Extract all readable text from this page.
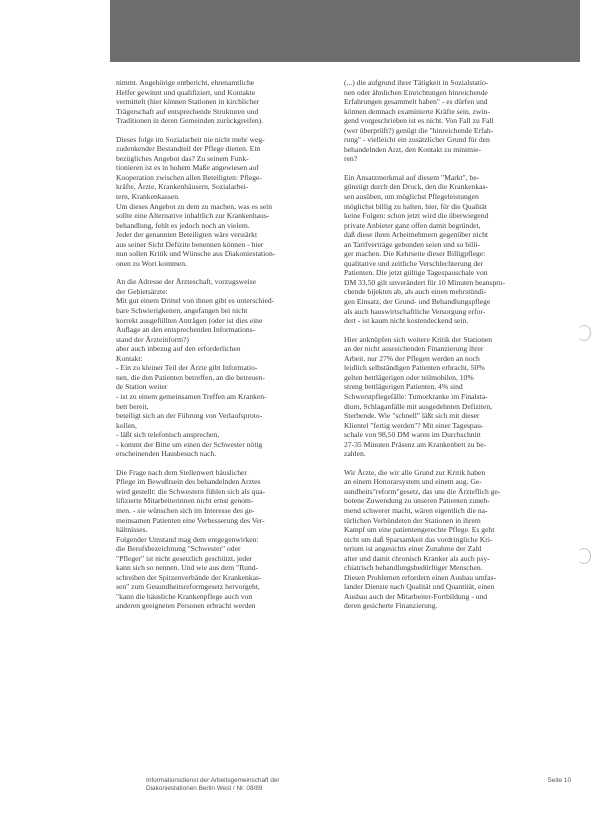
nimmt. Angehörige entbericht, ehrenamtliche
Helfer gewinnt und qualifiziert, und Kontakte
vermittelt (hier können Stationen in kirchlicher
Trägerschaft auf entsprechende Strukturen und
Traditionen in deren Gemeinden zurückgreifen).
Dieses folge im Sozialarbeit nie nicht mehr weg-
zudenkender Bestandteil der Pflege dienen. Ein
bezügliches Angebot das? Zu seinem Funk-
tionieren ist es in hohem Maße angewiesen auf
Kooperation zwischen allen Beteiligten: Pflege-
kräfte, Ärzte, Krankenhäusern, Sozialarbei-
tern, Krankenkassen.
Um dieses Angebot zu dem zu machen, was es sein
sollte eine Alternative inhaltlich zur Krankenhaus-
behandlung, fehlt es jedoch noch an vielem.
Jeder der genannten Beteiligten wäre verstärkt
aus seiner Sicht Defizite benennen können - hier
nun sollen Kritik und Wünsche aus Diakoniestation-
onen zu Wort kommen.
An die Adresse der Ärzteschaft, vorzugsweise
der Gebietsärzte:
Mit gut einem Drittel von ihnen gibt es unterschied-
bare Schwierigkeiten, angefangen bei nicht
korrekt ausgefüllten Anträgen (oder ist dies eine
Auflage an den entsprechenden Informations-
stand der Ärzteinform?)
aber auch inbezug auf den erforderlichen
Kontakt:
- Ein zu kleiner Teil der Ärzte gibt Informatio-
nen, die den Patienten betreffen, an die betreuen-
de Station weiter
- ist zu einem gemeinsamen Treffen am Kranken-
bett bereit,
beteiligt sich an der Führung von Verlaufsproto-
kollen,
- läßt sich telefonisch ansprechen,
- kommt der Bitte um einen der Schwester nötig
erscheinenden Hausbesuch nach.
Die Frage nach dem Stellenwert häuslicher
Pflege im Bewußtsein des behandelnden Arztes
wird gestellt: die Schwestern fühlen sich als qua-
lifizierte Mitarbeiterinnen nicht ernst genom-
men. - sie wünschen sich im Interesse des ge-
meinsamen Patienten eine Verbesserung des Ver-
hältnisses.
Folgender Umstand mag dem entgegenwirken:
die Berufsbezeichnung "Schwester" oder
"Pfleger" ist nicht gesetzlich geschützt, jeder
kann sich so nennen. Und wie aus dem "Rund-
schreiben der Spitzenverbände der Krankenkas-
sen" zum Gesundheitsreformgesetz hervorgeht,
"kann die häusliche Krankenpflege auch von
anderen geeigneten Personen erbracht werden
(...) die aufgrund ihrer Tätigkeit in Sozialstatio-
nen oder ähnlichen Einrichtungen hinreichende
Erfahrungen gesammelt haben" - es dürfen und
können demnach examinierte Kräfte sein, zwin-
gend vorgeschrieben ist es nicht. Von Fall zu Fall
(wer überprüft?) genügt die "hinreichende Erfah-
rung" - vielleicht ein zusätzlicher Grund für den
behandelnden Arzt, den Kontakt zu minimie-
ren?
Ein Ansatzmerkmal auf diesem "Markt", be-
günstigt durch den Druck, den die Krankenkas-
sen ausüben, um möglichst Pflegeleistungen
möglichst billig zu halten, hier, für die Qualität
keine Folgen: schon jetzt wird die überwiegend
private Anbieter ganz offen damit begründet,
daß diese ihren Arbeitnehmern gegenüber nicht
an Tarifverträge gebunden seien und so billi-
ger machen. Die Kehrseite dieser Billigpflege:
qualitative und zeitliche Verschlechterung der
Patienten. Die jetzt gültige Tagespauschale von
DM 33,50 gilt unverändert für 10 Minuten beanspru-
chende bijekten ab, als auch einen mehrstündi-
gen Einsatz, der Grund- und Behandlungspflege
als auch hauswirtschaftliche Versorgung erfor-
dert - ist kaum nicht kostendeckend sein.
Hier anknüpfen sich weitere Kritik der Stationen
an der nicht ausreichenden Finanzierung ihrer
Arbeit. nur 27% der Pflegen werden an noch
leidlich selbständigen Patienten erbracht, 50%
gelten bettlägerigen oder teilmobilen, 10%
streng bettlägerigen Patienten, 4% sind
Schwerstpflegefälle: Tumorkranke im Finalsta-
dium, Schlaganfälle mit ausgedehnten Defiziten,
Sterbende. Wie "schnell" läßt sich mit dieser
Klientel "fertig werden"? Mit einer Tagespau-
schale von 98,50 DM waren im Durchschnitt
27-35 Minuten Präsenz am Krankenbett zu be-
zahlen.
Wir Ärzte, die wir alle Grund zur Kritik haben
an einem Honorarsystem und einem aug. Ge-
sundheits"reform"gesetz, das uns die Ärzteflich ge-
botene Zuwendung zu unseren Patienten zuneh-
mend schwerer macht, wären eigentlich die na-
türlichen Verbündeten der Stationen in ihrem
Kampf um eine patientengerechte Pflege. Es geht
nicht um daß Sparsamkeit das vordringliche Kri-
terium ist angesichts einer Zunahme der Zahl
alter und damit chronisch Kranker als auch psy-
chiatrisch behandlungsbedürftiger Menschen.
Diesen Problemen erfordern einen Ausbau umfas-
lander Dienste nach Qualität und Quantität, einen
Ausbau auch der Mitarbeiter-Fortbildung - und
deren gesicherte Finanzierung.
Informationsdienst der Arbeitsgemeinschaft der
Diakoniestationen Berlin West / Nr. 08/89
Seite 10
